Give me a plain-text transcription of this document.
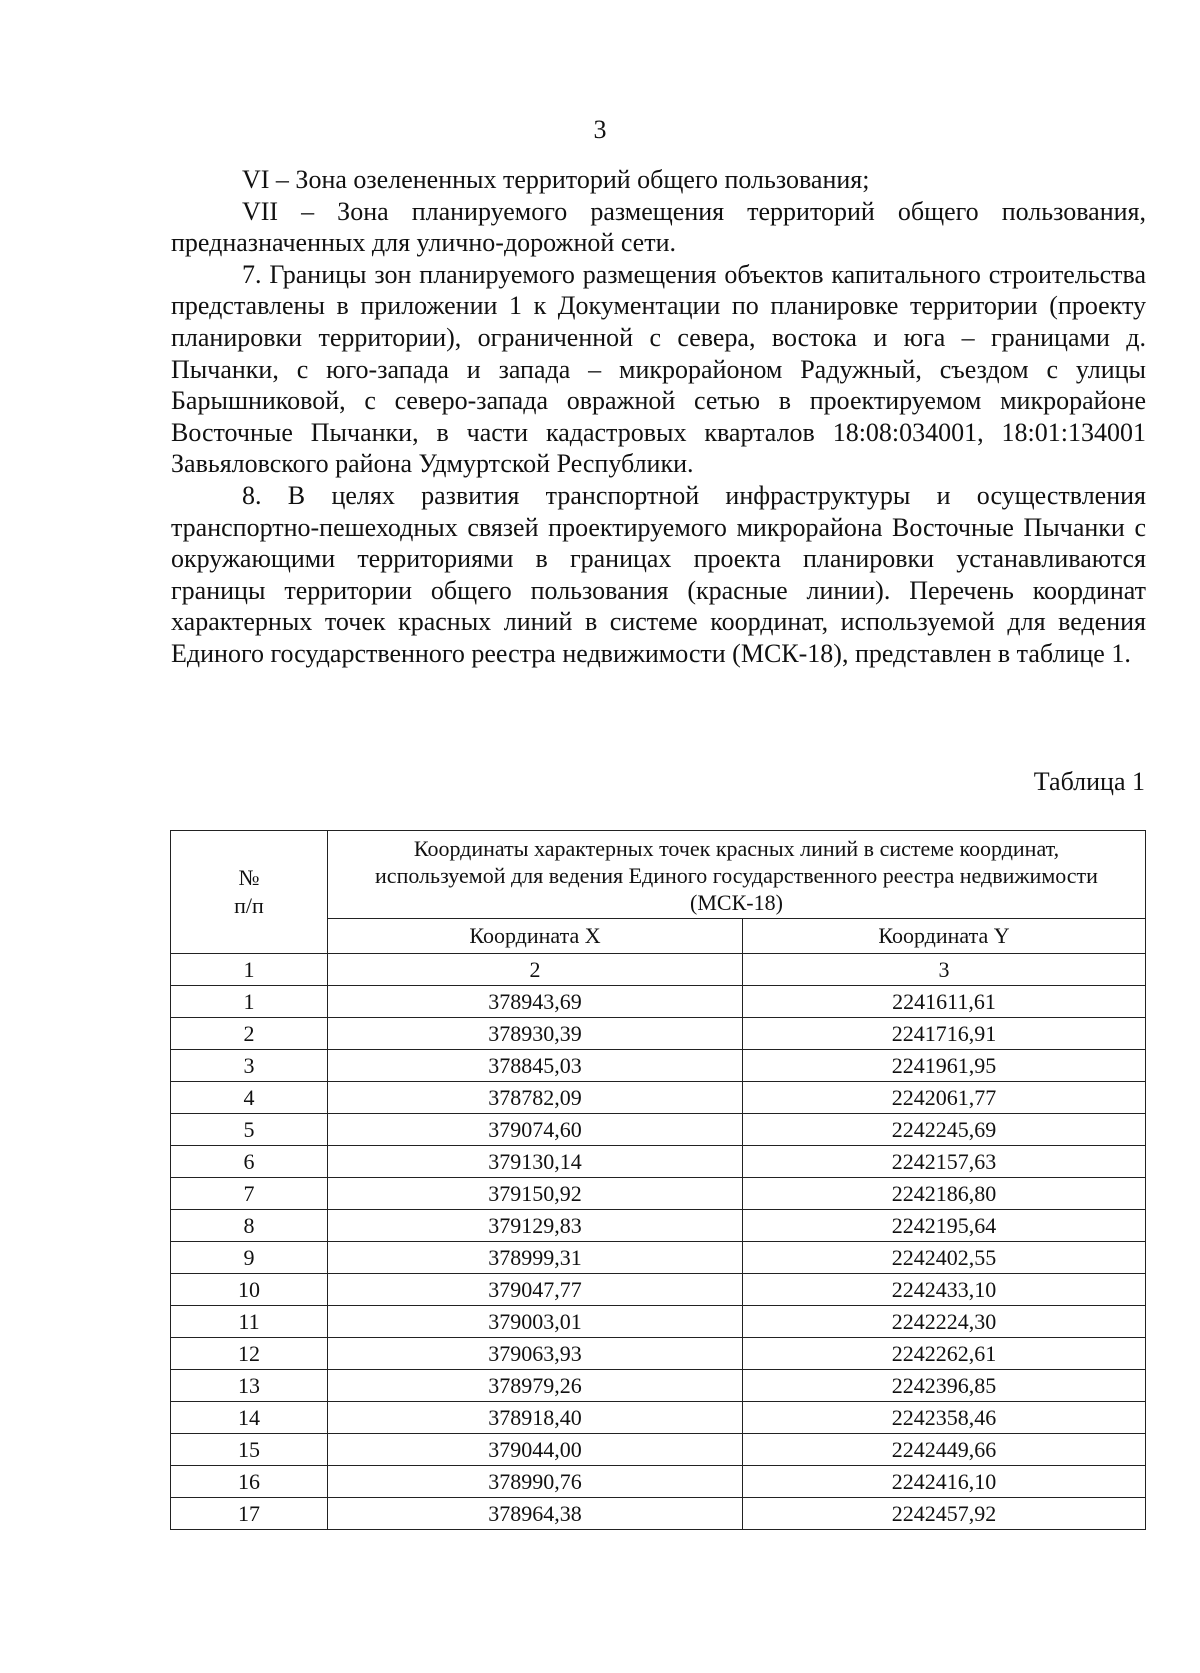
3

VI – Зона озелененных территорий общего пользования;

VII – Зона планируемого размещения территорий общего пользования, предназначенных для улично-дорожной сети.

7. Границы зон планируемого размещения объектов капитального строительства представлены в приложении 1 к Документации по планировке территории (проекту планировки территории), ограниченной с севера, востока и юга – границами д. Пычанки, с юго-запада и запада – микрорайоном Радужный, съездом с улицы Барышниковой, с северо-запада овражной сетью в проектируемом микрорайоне Восточные Пычанки, в части кадастровых кварталов 18:08:034001, 18:01:134001 Завьяловского района Удмуртской Республики.

8. В целях развития транспортной инфраструктуры и осуществления транспортно-пешеходных связей проектируемого микрорайона Восточные Пычанки с окружающими территориями в границах проекта планировки устанавливаются границы территории общего пользования (красные линии). Перечень координат характерных точек красных линий в системе координат, используемой для ведения Единого государственного реестра недвижимости (МСК-18), представлен в таблице 1.

Таблица 1
№
п/п	Координаты характерных точек красных линий в системе координат, используемой для ведения Единого государственного реестра недвижимости (МСК-18)	
	Координата X	Координата Y
1	2	3
1	378943,69	2241611,61
2	378930,39	2241716,91
3	378845,03	2241961,95
4	378782,09	2242061,77
5	379074,60	2242245,69
6	379130,14	2242157,63
7	379150,92	2242186,80
8	379129,83	2242195,64
9	378999,31	2242402,55
10	379047,77	2242433,10
11	379003,01	2242224,30
12	379063,93	2242262,61
13	378979,26	2242396,85
14	378918,40	2242358,46
15	379044,00	2242449,66
16	378990,76	2242416,10
17	378964,38	2242457,92
